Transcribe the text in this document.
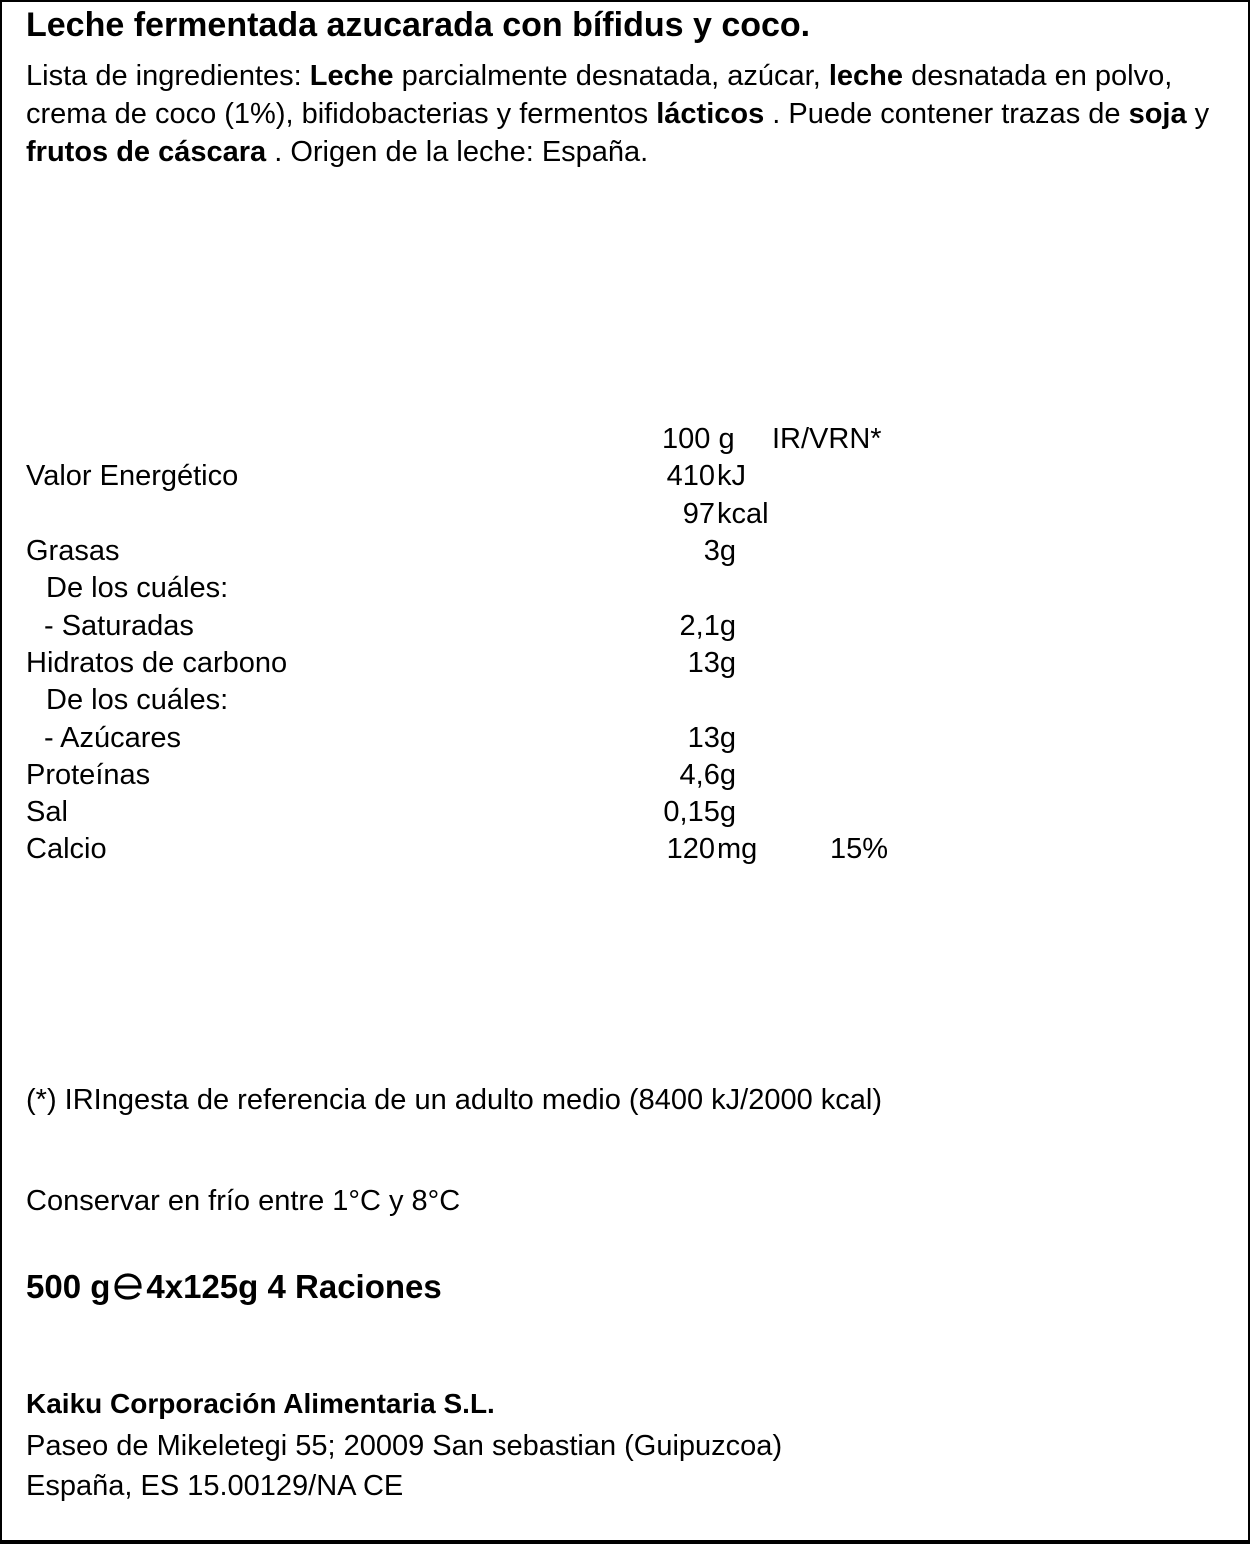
Leche fermentada azucarada con bífidus y coco.
Lista de ingredientes: Leche parcialmente desnatada, azúcar, leche desnatada en polvo, crema de coco (1%), bifidobacterias y fermentos lácticos . Puede contener trazas de soja y frutos de cáscara . Origen de la leche: España.
100 g IR/VRN*
Valor Energético	410 kJ
97 kcal
Grasas	3g
De los cuáles:
- Saturadas	2,1g
Hidratos de carbono	13g
De los cuáles:
- Azúcares	13g
Proteínas	4,6g
Sal	0,15g
Calcio	120 mg	15%
(*) IRIngesta de referencia de un adulto medio (8400 kJ/2000 kcal)
Conservar en frío entre 1°C y 8°C
500 g 4x125g 4 Raciones
Kaiku Corporación Alimentaria S.L.
Paseo de Mikeletegi 55; 20009 San sebastian (Guipuzcoa)
España, ES 15.00129/NA CE
